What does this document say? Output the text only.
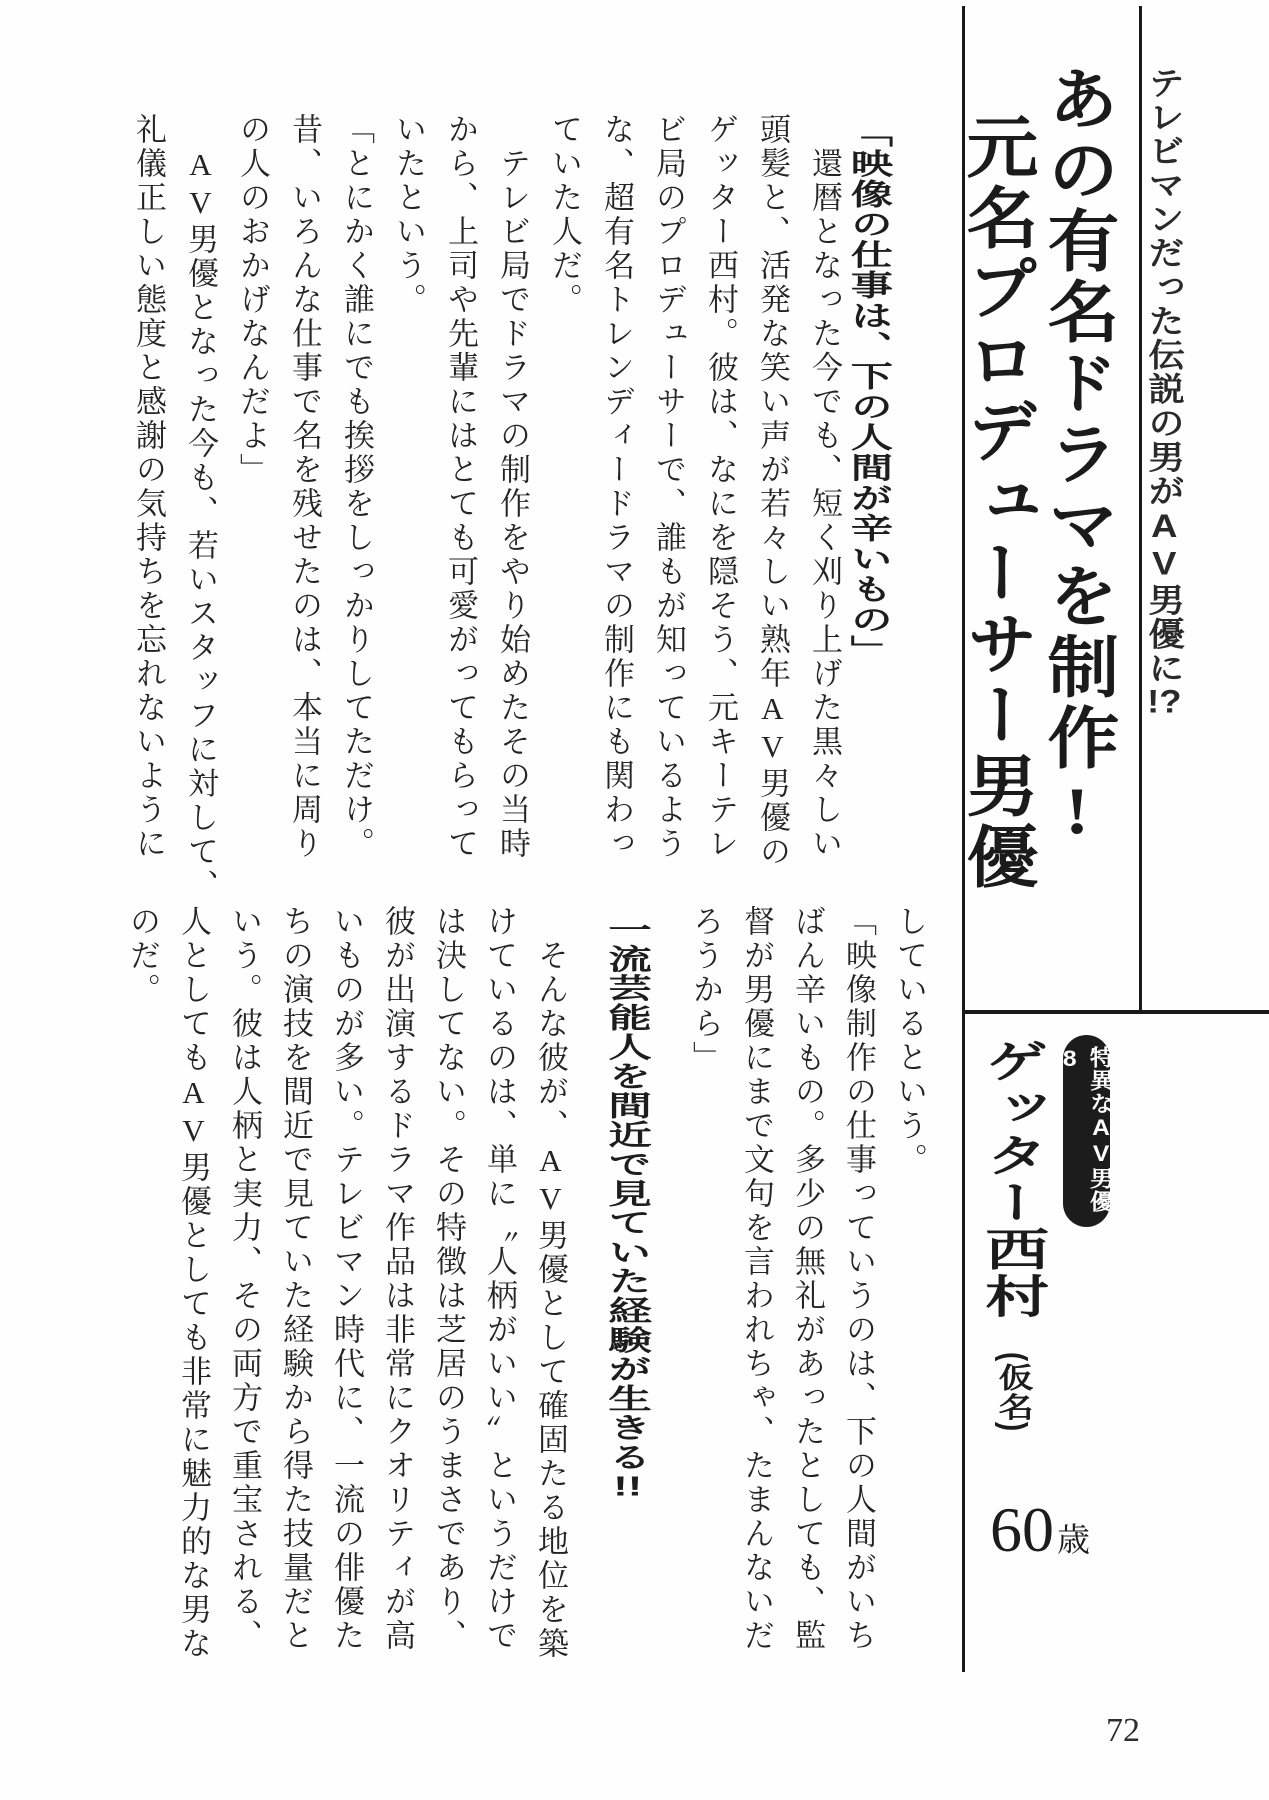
テレビマンだった伝説の男がAV男優に!?
あの有名ドラマを制作!
元名プロデューサー男優
「映像の仕事は、下の人間が辛いもの」
　還暦となった今でも、短く刈り上げた黒々しい
頭髪と、活発な笑い声が若々しい熟年AV男優の
ゲッター西村。彼は、なにを隠そう、元キーテレ
ビ局のプロデューサーで、誰もが知っているよう
な、超有名トレンディードラマの制作にも関わっ
ていた人だ。
　テレビ局でドラマの制作をやり始めたその当時
から、上司や先輩にはとても可愛がってもらって
いたという。
「とにかく誰にでも挨拶をしっかりしてただけ。
昔、いろんな仕事で名を残せたのは、本当に周り
の人のおかげなんだよ」
　AV男優となった今も、若いスタッフに対して、
礼儀正しい態度と感謝の気持ちを忘れないように
しているという。
「映像制作の仕事っていうのは、下の人間がいち
ばん辛いもの。多少の無礼があったとしても、監
督が男優にまで文句を言われちゃ、たまんないだ
ろうから」
一流芸能人を間近で見ていた経験が生きる!!
　そんな彼が、AV男優として確固たる地位を築
けているのは、単に〝人柄がいい〟というだけで
は決してない。その特徴は芝居のうまさであり、
彼が出演するドラマ作品は非常にクオリティが高
いものが多い。テレビマン時代に、一流の俳優た
ちの演技を間近で見ていた経験から得た技量だと
いう。彼は人柄と実力、その両方で重宝される、
人としてもAV男優としても非常に魅力的な男な
のだ。
特異なAV男優8
ゲッター西村
(仮名)
60歳
72
